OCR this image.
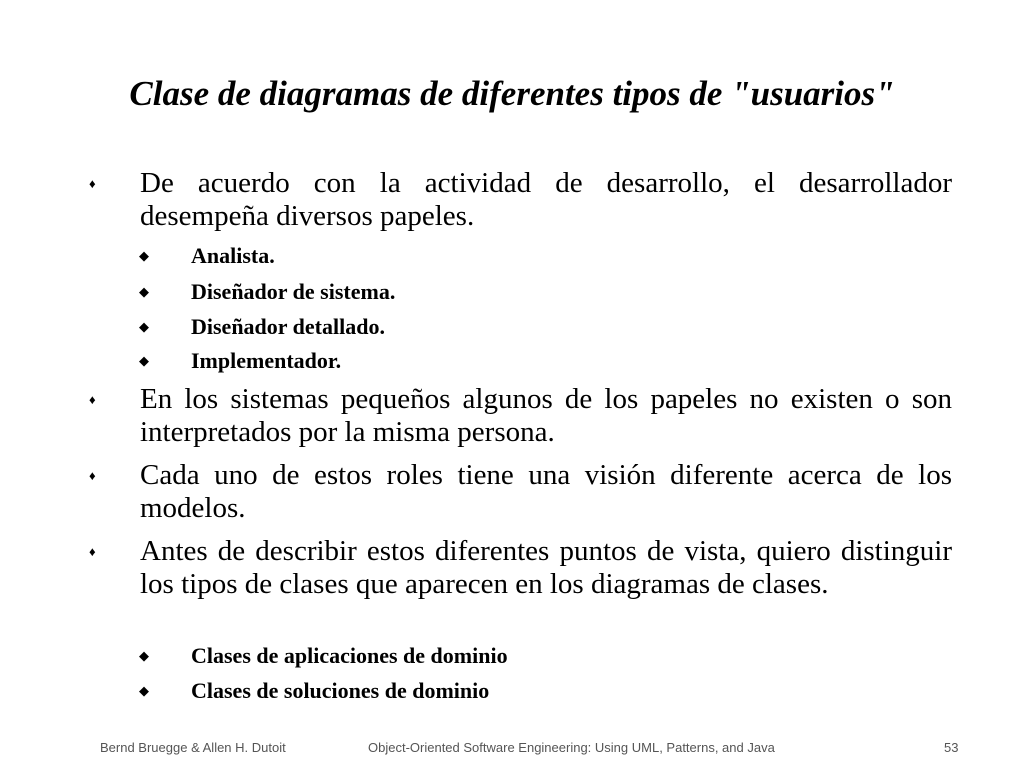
Clase de diagramas de diferentes tipos de "usuarios"
♦ De acuerdo con la actividad de desarrollo, el desarrollador desempeña diversos papeles.
◆ Analista.
◆ Diseñador de sistema.
◆ Diseñador detallado.
◆ Implementador.
♦ En los sistemas pequeños algunos de los papeles no existen o son interpretados por la misma persona.
♦ Cada uno de estos roles tiene una visión diferente acerca de los modelos.
♦ Antes de describir estos diferentes puntos de vista, quiero distinguir los tipos de clases que aparecen en los diagramas de clases.
◆ Clases de aplicaciones de dominio
◆ Clases de soluciones de dominio
Bernd Bruegge & Allen H. Dutoit	Object-Oriented Software Engineering: Using UML, Patterns, and Java	53
